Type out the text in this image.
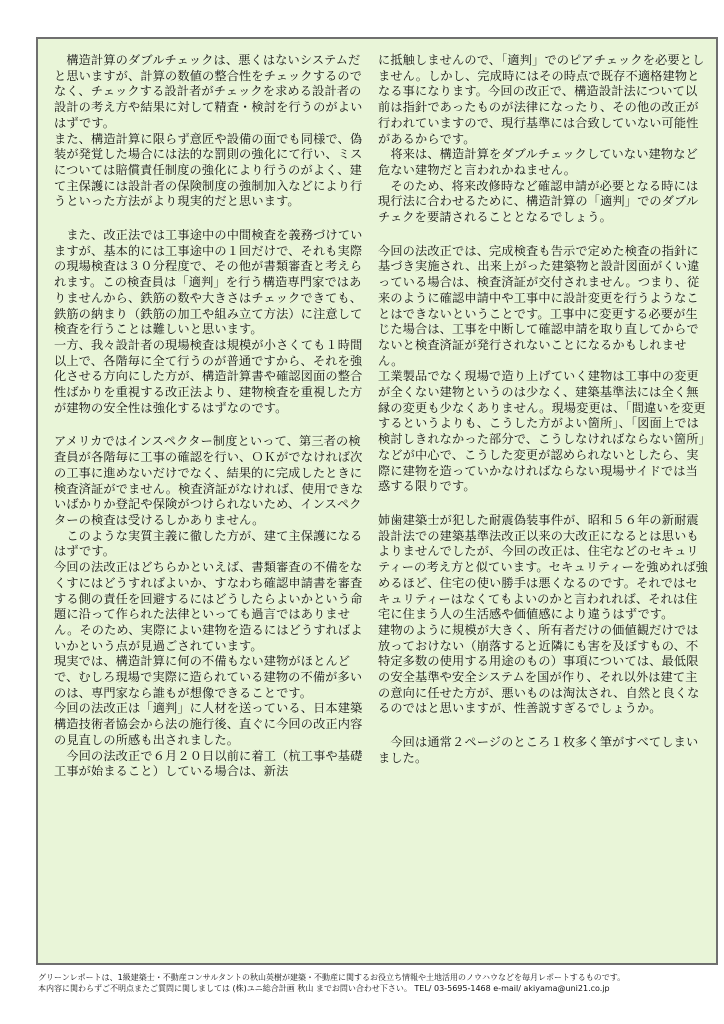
　構造計算のダブルチェックは、悪くはないシステムだと思いますが、計算の数値の整合性をチェックするのでなく、チェックする設計者がチェックを求める設計者の設計の考え方や結果に対して精査・検討を行うのがよいはずです。

また、構造計算に限らず意匠や設備の面でも同様で、偽装が発覚した場合には法的な罰則の強化にて行い、ミスについては賠償責任制度の強化により行うのがよく、建て主保護には設計者の保険制度の強制加入などにより行うといった方法がより現実的だと思います。

　また、改正法では工事途中の中間検査を義務づけていますが、基本的には工事途中の１回だけで、それも実際の現場検査は３０分程度で、その他が書類審査と考えられます。この検査員は「適判」を行う構造専門家ではありませんから、鉄筋の数や大きさはチェックできても、鉄筋の納まり（鉄筋の加工や組み立て方法）に注意して検査を行うことは難しいと思います。

一方、我々設計者の現場検査は規模が小さくても１時間以上で、各階毎に全て行うのが普通ですから、それを強化させる方向にした方が、構造計算書や確認図面の整合性ばかりを重視する改正法より、建物検査を重視した方が建物の安全性は強化するはずなのです。

アメリカではインスペクター制度といって、第三者の検査員が各階毎に工事の確認を行い、ＯＫがでなければ次の工事に進めないだけでなく、結果的に完成したときに検査済証がでません。検査済証がなければ、使用できないばかりか登記や保険がつけられないため、インスペクターの検査は受けるしかありません。

　このような実質主義に徹した方が、建て主保護になるはずです。

今回の法改正はどちらかといえば、書類審査の不備をなくすにはどうすればよいか、すなわち確認申請書を審査する側の責任を回避するにはどうしたらよいかという命題に沿って作られた法律といっても過言ではありません。そのため、実際によい建物を造るにはどうすればよいかという点が見過ごされています。

現実では、構造計算に何の不備もない建物がほとんどで、むしろ現場で実際に造られている建物の不備が多いのは、専門家なら誰もが想像できることです。

今回の法改正は「適判」に人材を送っている、日本建築構造技術者協会から法の施行後、直ぐに今回の改正内容の見直しの所感も出されました。

　今回の法改正で６月２０日以前に着工（杭工事や基礎工事が始まること）している場合は、新法

に抵触しませんので、「適判」でのピアチェックを必要としません。しかし、完成時にはその時点で既存不適格建物となる事になります。今回の改正で、構造設計法について以前は指針であったものが法律になったり、その他の改正が行われていますので、現行基準には合致していない可能性があるからです。

　将来は、構造計算をダブルチェックしていない建物など危ない建物だと言われかねません。

　そのため、将来改修時など確認申請が必要となる時には現行法に合わせるために、構造計算の「適判」でのダブルチェクを要請されることとなるでしょう。

今回の法改正では、完成検査も告示で定めた検査の指針に基づき実施され、出来上がった建築物と設計図面がくい違っている場合は、検査済証が交付されません。つまり、従来のように確認申請中や工事中に設計変更を行うようなことはできないということです。工事中に変更する必要が生じた場合は、工事を中断して確認申請を取り直してからでないと検査済証が発行されないことになるかもしれません。

工業製品でなく現場で造り上げていく建物は工事中の変更が全くない建物というのは少なく、建築基準法には全く無縁の変更も少なくありません。現場変更は、「間違いを変更するというよりも、こうした方がよい箇所」、「図面上では検討しきれなかった部分で、こうしなければならない箇所」などが中心で、こうした変更が認められないとしたら、実際に建物を造っていかなければならない現場サイドでは当惑する限りです。

姉歯建築士が犯した耐震偽装事件が、昭和５６年の新耐震設計法での建築基準法改正以来の大改正になるとは思いもよりませんでしたが、今回の改正は、住宅などのセキュリティーの考え方と似ています。セキュリティーを強めれば強めるほど、住宅の使い勝手は悪くなるのです。それではセキュリティーはなくてもよいのかと言われれば、それは住宅に住まう人の生活感や価値感により違うはずです。

建物のように規模が大きく、所有者だけの価値観だけでは放っておけない（崩落すると近隣にも害を及ぼすもの、不特定多数の使用する用途のもの）事項については、最低限の安全基準や安全システムを国が作り、それ以外は建て主の意向に任せた方が、悪いものは淘汰され、自然と良くなるのではと思いますが、性善説すぎるでしょうか。

　今回は通常２ページのところ１枚多く筆がすべてしまいました。

グリーンレポートは、1級建築士・不動産コンサルタントの秋山英樹が建築・不動産に関するお役立ち情報や土地活用のノウハウなどを毎月レポートするものです。
本内容に関わらずご不明点またご質問に関しましては (株)ユニ総合計画 秋山 までお問い合わせ下さい。 TEL/ 03-5695-1468 e-mail/ akiyama@uni21.co.jp
